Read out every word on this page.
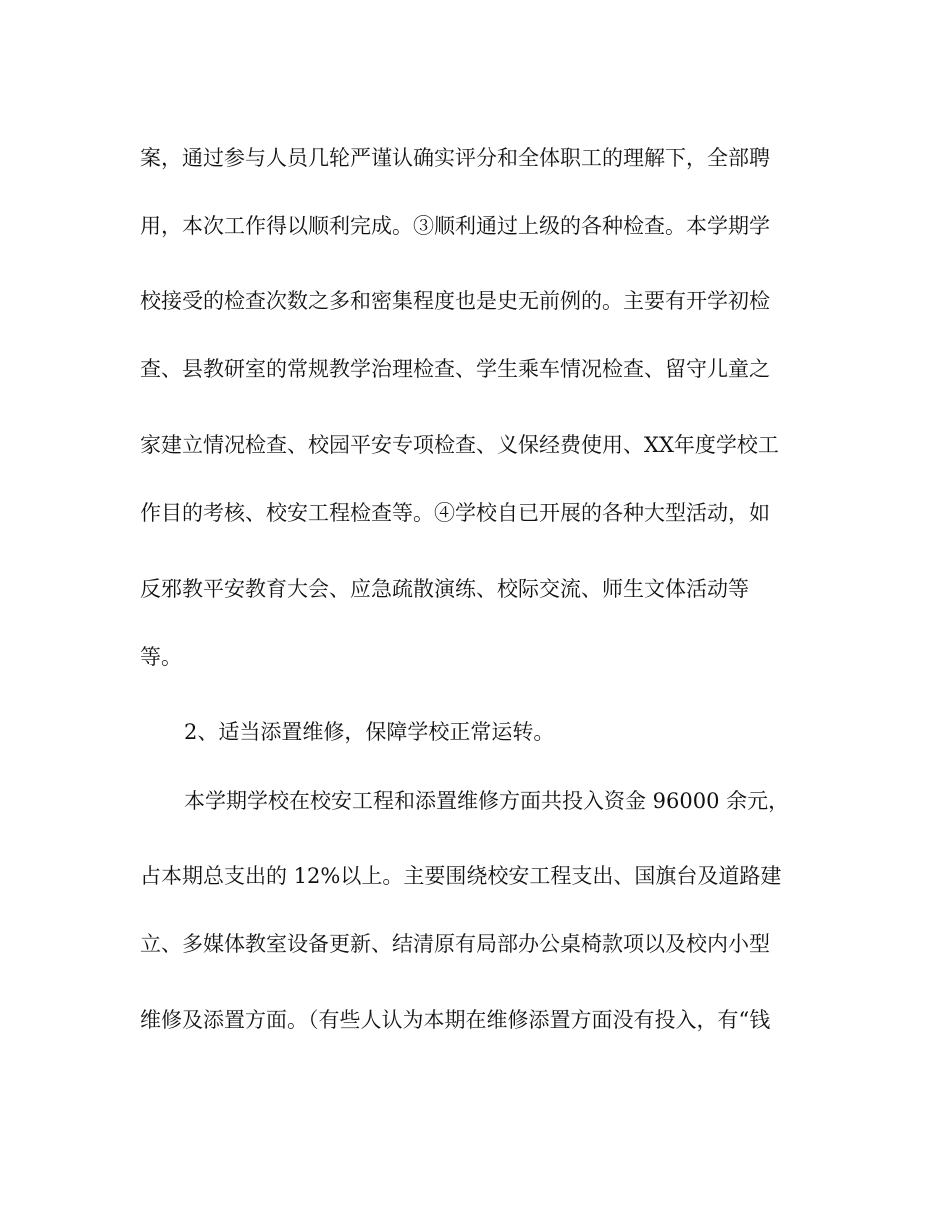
案，通过参与人员几轮严谨认确实评分和全体职工的理解下，全部聘
用，本次工作得以顺利完成。③顺利通过上级的各种检查。本学期学
校接受的检查次数之多和密集程度也是史无前例的。主要有开学初检
查、县教研室的常规教学治理检查、学生乘车情况检查、留守儿童之
家建立情况检查、校园平安专项检查、义保经费使用、XX年度学校工
作目的考核、校安工程检查等。④学校自已开展的各种大型活动，如
反邪教平安教育大会、应急疏散演练、校际交流、师生文体活动等
等。
2、适当添置维修，保障学校正常运转。
本学期学校在校安工程和添置维修方面共投入资金 96000 余元，
占本期总支出的 12%以上。主要围绕校安工程支出、国旗台及道路建
立、多媒体教室设备更新、结清原有局部办公桌椅款项以及校内小型
维修及添置方面。（有些人认为本期在维修添置方面没有投入，有“钱
